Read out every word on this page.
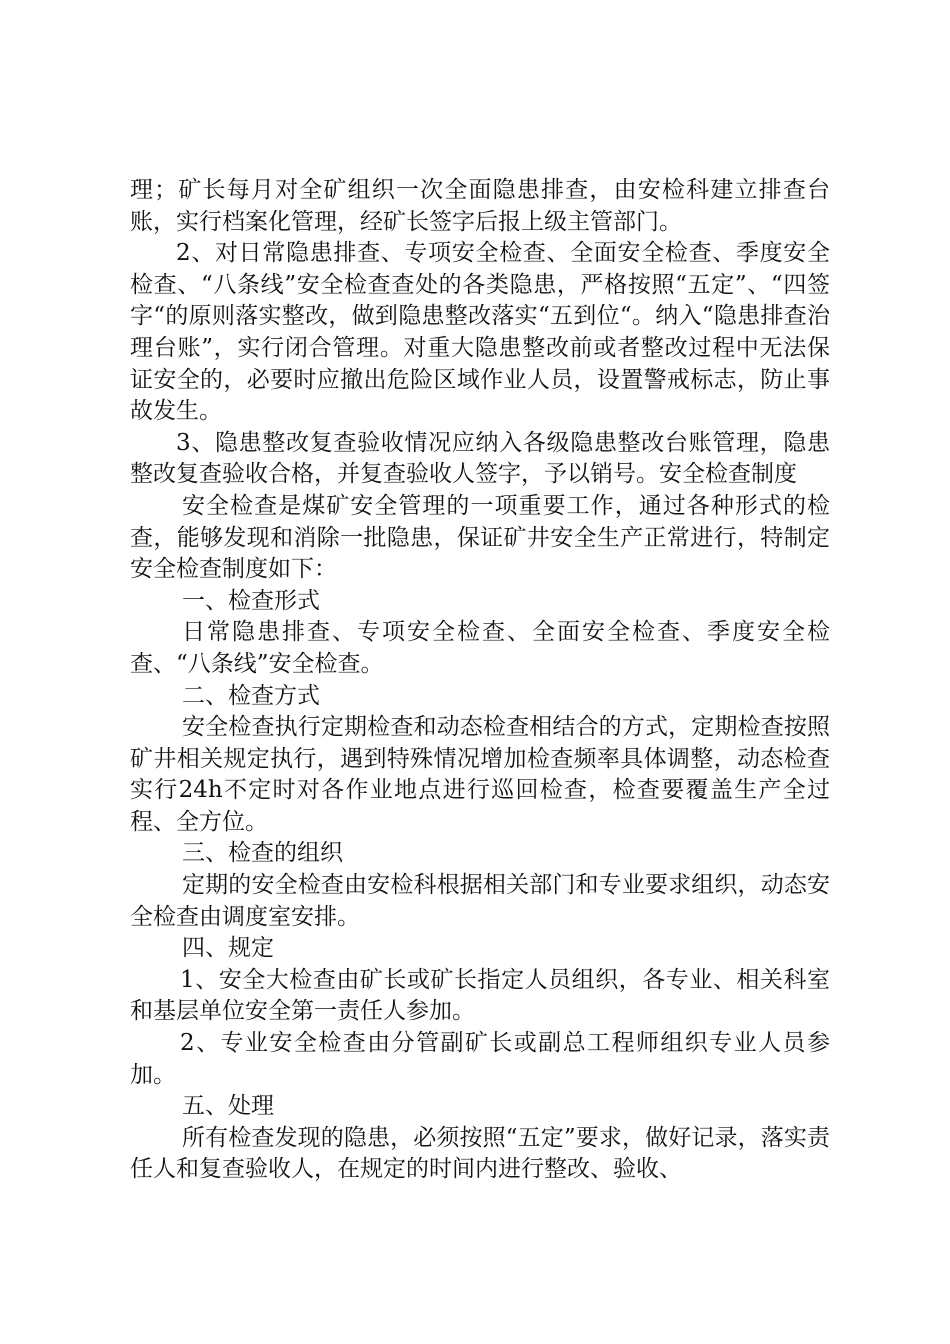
理；矿长每月对全矿组织一次全面隐患排查，由安检科建立排查台账，实行档案化管理，经矿长签字后报上级主管部门。

2、对日常隐患排查、专项安全检查、全面安全检查、季度安全检查、“八条线”安全检查查处的各类隐患，严格按照“五定”、“四签字“的原则落实整改，做到隐患整改落实“五到位“。纳入“隐患排查治理台账”，实行闭合管理。对重大隐患整改前或者整改过程中无法保证安全的，必要时应撤出危险区域作业人员，设置警戒标志，防止事故发生。

3、隐患整改复查验收情况应纳入各级隐患整改台账管理，隐患整改复查验收合格，并复查验收人签字，予以销号。安全检查制度

安全检查是煤矿安全管理的一项重要工作，通过各种形式的检查，能够发现和消除一批隐患，保证矿井安全生产正常进行，特制定安全检查制度如下：

一、检查形式

日常隐患排查、专项安全检查、全面安全检查、季度安全检查、“八条线”安全检查。

二、检查方式

安全检查执行定期检查和动态检查相结合的方式，定期检查按照矿井相关规定执行，遇到特殊情况增加检查频率具体调整，动态检查实行24h不定时对各作业地点进行巡回检查，检查要覆盖生产全过程、全方位。

三、检查的组织

定期的安全检查由安检科根据相关部门和专业要求组织，动态安全检查由调度室安排。

四、规定

1、安全大检查由矿长或矿长指定人员组织，各专业、相关科室和基层单位安全第一责任人参加。

2、专业安全检查由分管副矿长或副总工程师组织专业人员参加。

五、处理

所有检查发现的隐患，必须按照“五定”要求，做好记录，落实责任人和复查验收人，在规定的时间内进行整改、验收、
